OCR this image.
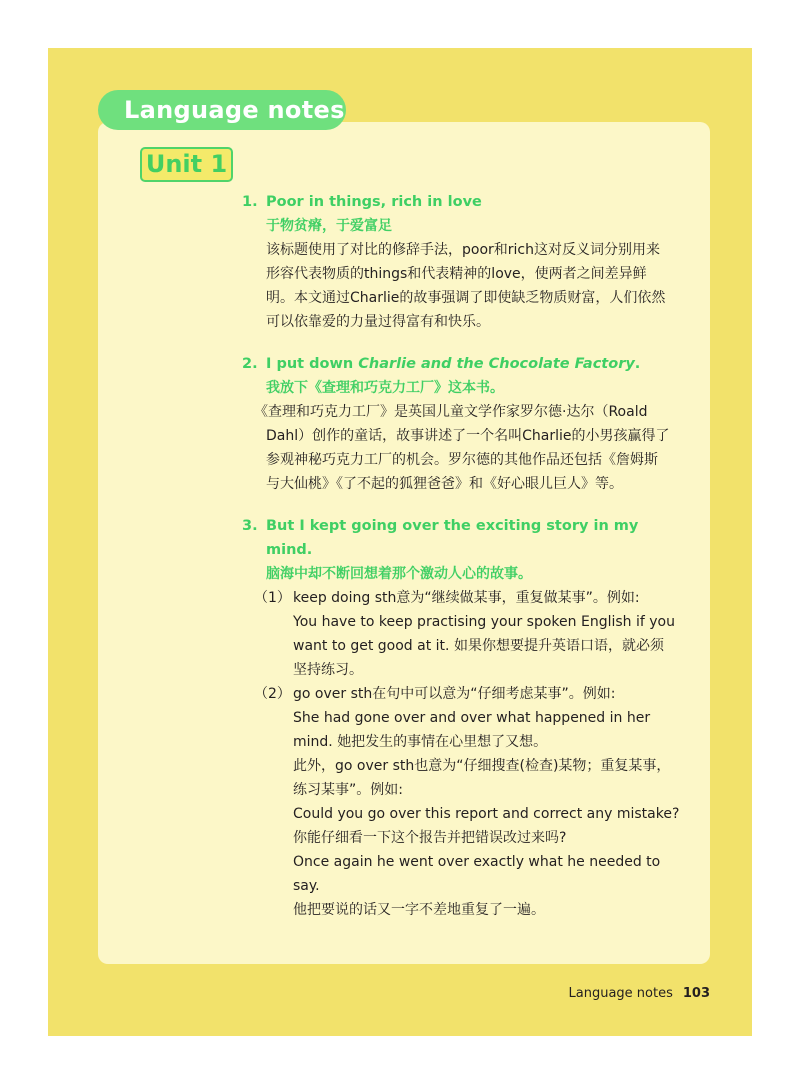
Language notes
Unit 1
1. Poor in things, rich in love
于物贫瘠，于爱富足
该标题使用了对比的修辞手法，poor和rich这对反义词分别用来
形容代表物质的things和代表精神的love，使两者之间差异鲜
明。本文通过Charlie的故事强调了即使缺乏物质财富，人们依然
可以依靠爱的力量过得富有和快乐。
2. I put down Charlie and the Chocolate Factory.
我放下《查理和巧克力工厂》这本书。
《查理和巧克力工厂》是英国儿童文学作家罗尔德·达尔（Roald
Dahl）创作的童话，故事讲述了一个名叫Charlie的小男孩赢得了
参观神秘巧克力工厂的机会。罗尔德的其他作品还包括《詹姆斯
与大仙桃》《了不起的狐狸爸爸》和《好心眼儿巨人》等。
3. But I kept going over the exciting story in my mind.
脑海中却不断回想着那个激动人心的故事。
（1） keep doing sth意为“继续做某事，重复做某事”。例如:
You have to keep practising your spoken English if you
want to get good at it. 如果你想要提升英语口语，就必须
坚持练习。
（2） go over sth在句中可以意为“仔细考虑某事”。例如:
She had gone over and over what happened in her
mind. 她把发生的事情在心里想了又想。
此外，go over sth也意为“仔细搜查(检查)某物；重复某事，
练习某事”。例如:
Could you go over this report and correct any mistake?
你能仔细看一下这个报告并把错误改过来吗?
Once again he went over exactly what he needed to say.
他把要说的话又一字不差地重复了一遍。
Language notes 103
